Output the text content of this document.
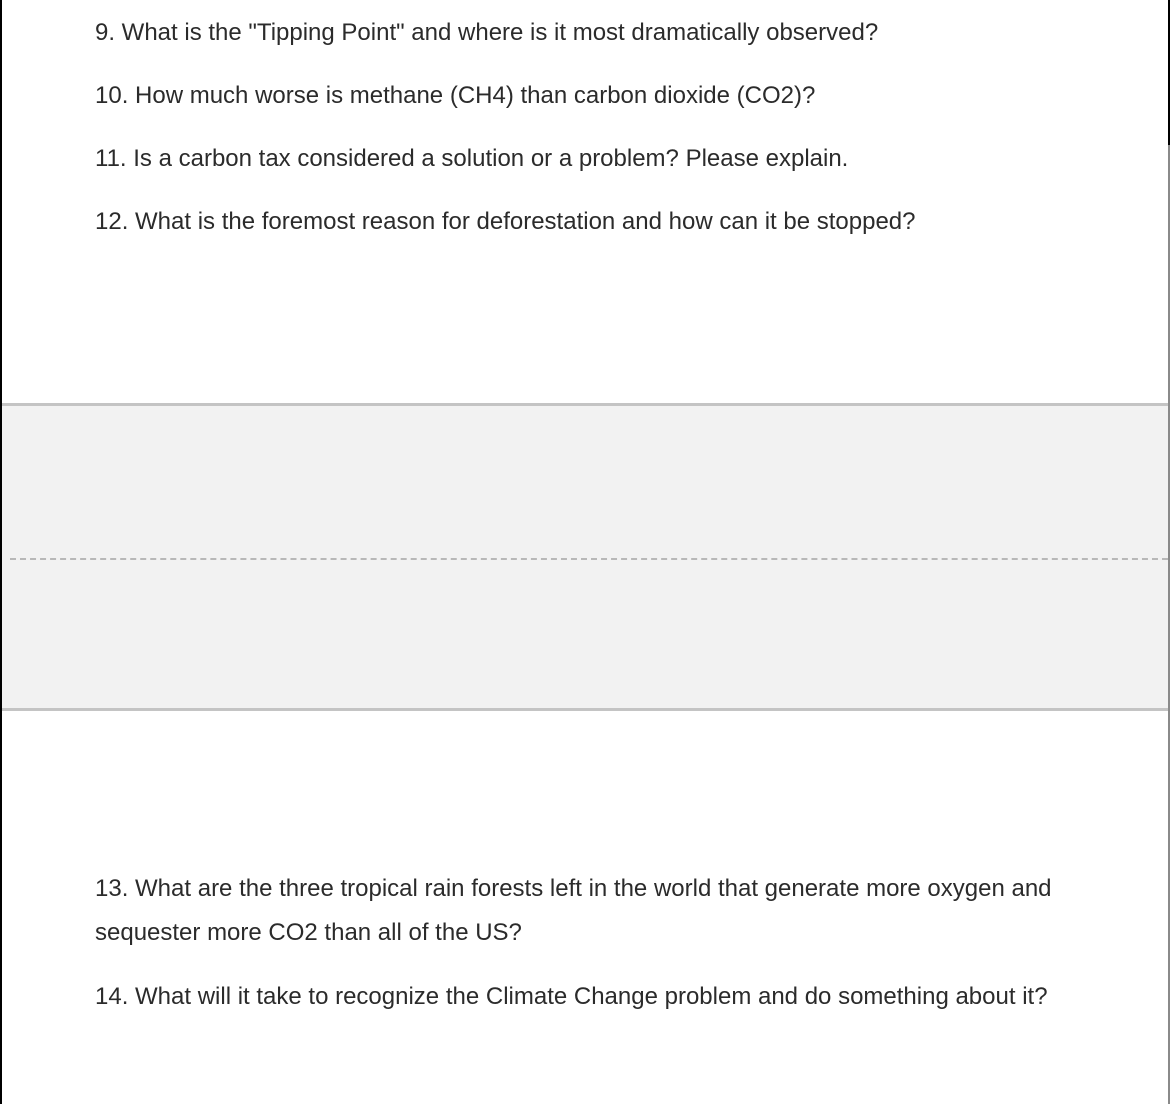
9. What is the "Tipping Point" and where is it most dramatically observed?

10. How much worse is methane (CH4) than carbon dioxide (CO2)?

11. Is a carbon tax considered a solution or a problem? Please explain.

12. What is the foremost reason for deforestation and how can it be stopped?

13. What are the three tropical rain forests left in the world that generate more oxygen and sequester more CO2 than all of the US?

14. What will it take to recognize the Climate Change problem and do something about it?
